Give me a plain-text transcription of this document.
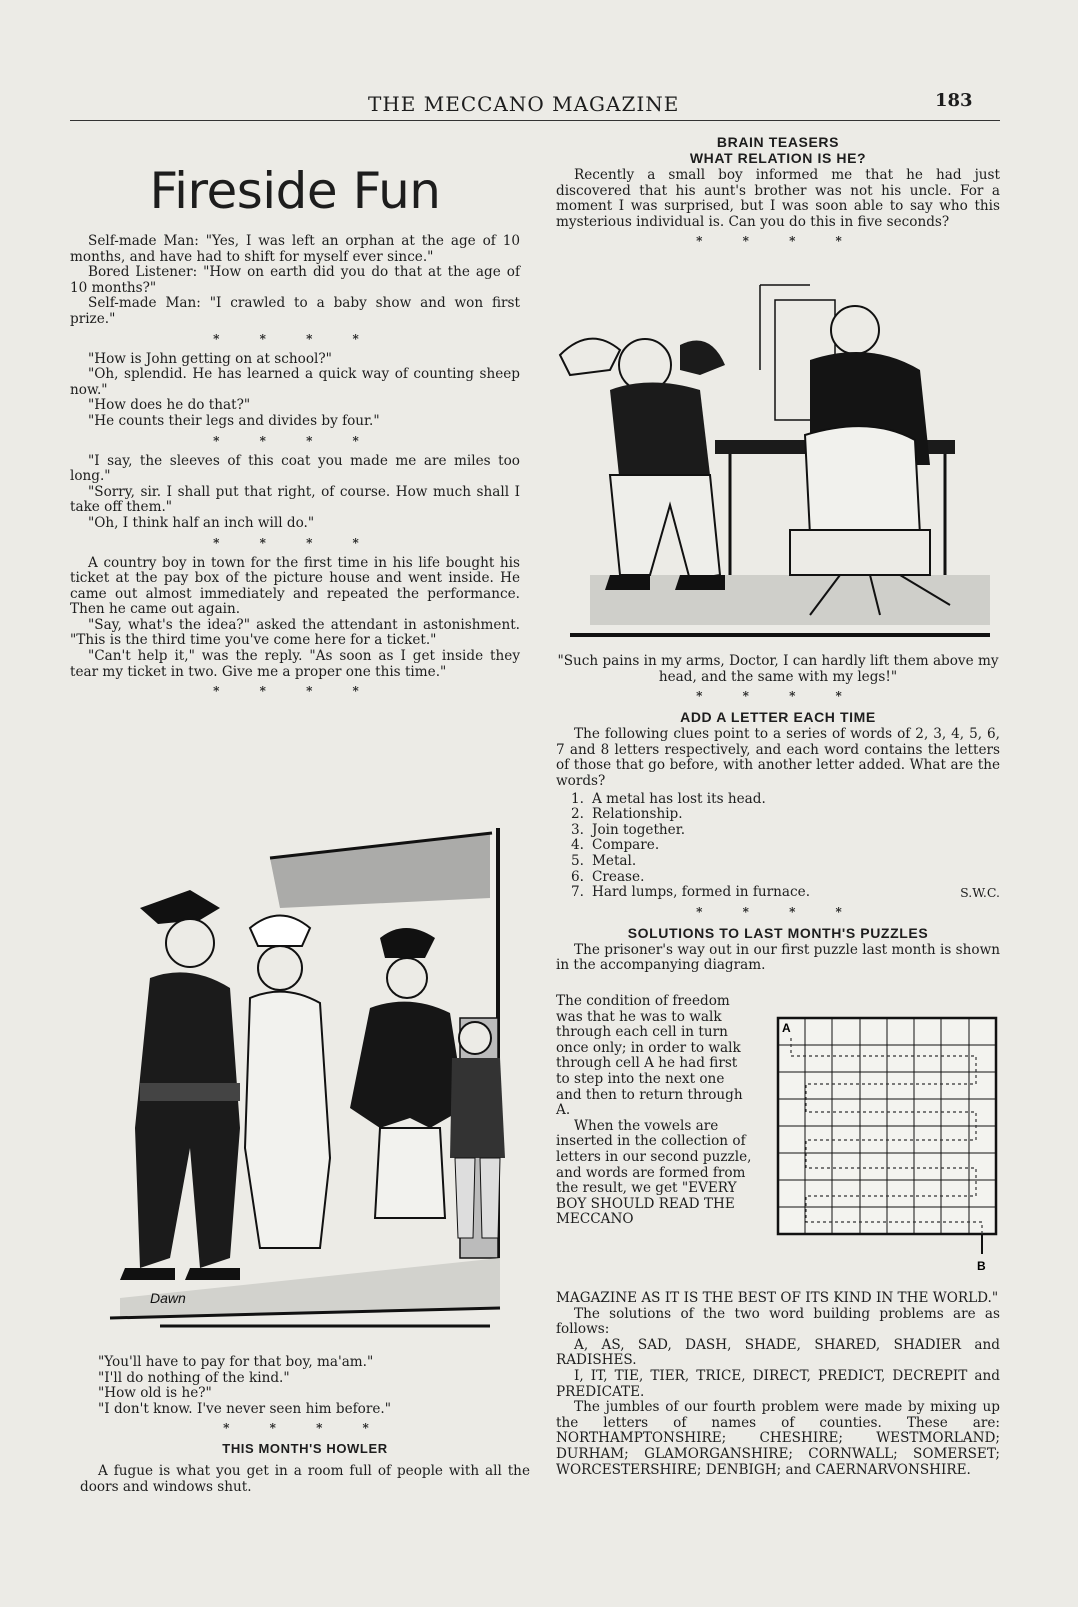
THE MECCANO MAGAZINE	183
Fireside Fun

Self-made Man: "Yes, I was left an orphan at the age of 10 months, and have had to shift for myself ever since."

Bored Listener: "How on earth did you do that at the age of 10 months?"

Self-made Man: "I crawled to a baby show and won first prize."

* * * *

"How is John getting on at school?"

"Oh, splendid. He has learned a quick way of counting sheep now."

"How does he do that?"

"He counts their legs and divides by four."

* * * *

"I say, the sleeves of this coat you made me are miles too long."

"Sorry, sir. I shall put that right, of course. How much shall I take off them."

"Oh, I think half an inch will do."

* * * *

A country boy in town for the first time in his life bought his ticket at the pay box of the picture house and went inside. He came out almost immediately and repeated the performance. Then he came out again.

"Say, what's the idea?" asked the attendant in astonishment. "This is the third time you've come here for a ticket."

"Can't help it," was the reply. "As soon as I get inside they tear my ticket in two. Give me a proper one this time."

* * * *
Dawn

"You'll have to pay for that boy, ma'am."

"I'll do nothing of the kind."

"How old is he?"

"I don't know. I've never seen him before."

* * * *

THIS MONTH'S HOWLER

A fugue is what you get in a room full of people with all the doors and windows shut.

BRAIN TEASERS

WHAT RELATION IS HE?

Recently a small boy informed me that he had just discovered that his aunt's brother was not his uncle. For a moment I was surprised, but I was soon able to say who this mysterious individual is. Can you do this in five seconds?

* * * *

"Such pains in my arms, Doctor, I can hardly lift them above my head, and the same with my legs!"

* * * *

ADD A LETTER EACH TIME

The following clues point to a series of words of 2, 3, 4, 5, 6, 7 and 8 letters respectively, and each word contains the letters of those that go before, with another letter added. What are the words?

1. A metal has lost its head.

2. Relationship.

3. Join together.

4. Compare.

5. Metal.

6. Crease.

7. Hard lumps, formed in furnace.	S.W.C.

* * * *

SOLUTIONS TO LAST MONTH'S PUZZLES

The prisoner's way out in our first puzzle last month is shown in the accompanying diagram.

The condition of freedom was that he was to walk through each cell in turn once only; in order to walk through cell A he had first to step into the next one and then to return through A.

When the vowels are inserted in the collection of letters in our second puzzle, and words are formed from the result, we get "EVERY BOY SHOULD READ THE MECCANO

A
B

MAGAZINE AS IT IS THE BEST OF ITS KIND IN THE WORLD."

The solutions of the two word building problems are as follows:

A, AS, SAD, DASH, SHADE, SHARED, SHADIER and RADISHES.

I, IT, TIE, TIER, TRICE, DIRECT, PREDICT, DECREPIT and PREDICATE.

The jumbles of our fourth problem were made by mixing up the letters of names of counties. These are: NORTHAMPTONSHIRE; CHESHIRE; WESTMORLAND; DURHAM; GLAMORGANSHIRE; CORNWALL; SOMERSET; WORCESTERSHIRE; DENBIGH; and CAERNARVONSHIRE.
